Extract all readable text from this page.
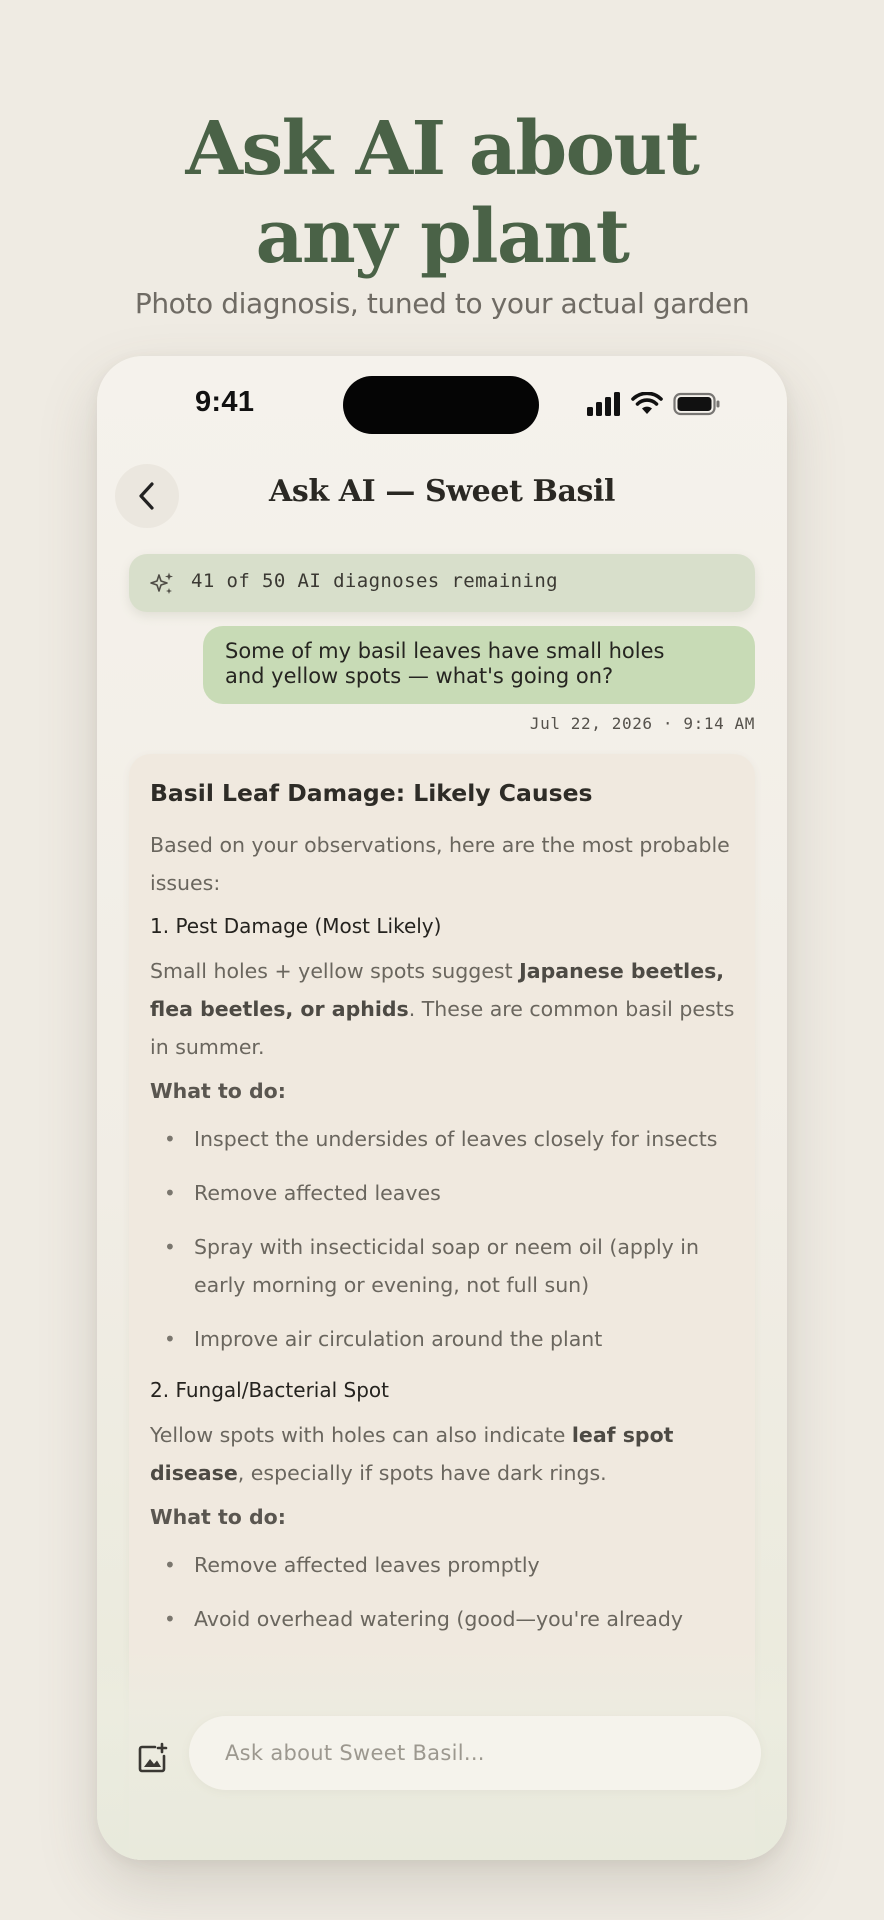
Ask AI about
any plant

Photo diagnosis, tuned to your actual garden

9:41
Ask AI — Sweet Basil
41 of 50 AI diagnoses remaining
Some of my basil leaves have small holes
and yellow spots — what's going on?
Jul 22, 2026 · 9:14 AM
Basil Leaf Damage: Likely Causes

Based on your observations, here are the most probable issues:

1. Pest Damage (Most Likely)

Small holes + yellow spots suggest Japanese beetles, flea beetles, or aphids. These are common basil pests in summer.

What to do:
• Inspect the undersides of leaves closely for insects
• Remove affected leaves
• Spray with insecticidal soap or neem oil (apply in early morning or evening, not full sun)
• Improve air circulation around the plant
2. Fungal/Bacterial Spot

Yellow spots with holes can also indicate leaf spot disease, especially if spots have dark rings.

What to do:
• Remove affected leaves promptly
• Avoid overhead watering (good—you're already
Ask about Sweet Basil...
